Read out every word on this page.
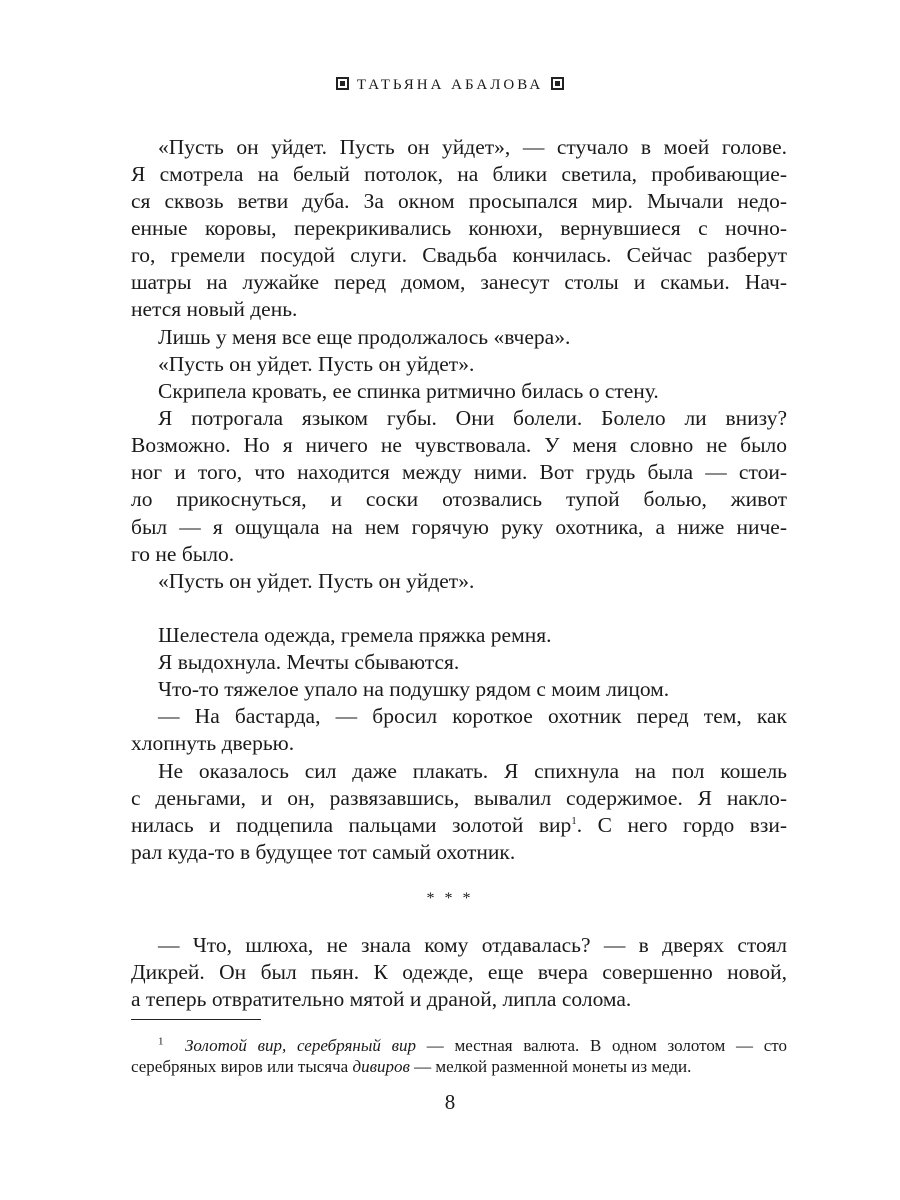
ТАТЬЯНА АБАЛОВА
«Пусть он уйдет. Пусть он уйдет», — стучало в моей голове.
Я смотрела на белый потолок, на блики светила, пробивающие-
ся сквозь ветви дуба. За окном просыпался мир. Мычали недо-
енные коровы, перекрикивались конюхи, вернувшиеся с ночно-
го, гремели посудой слуги. Свадьба кончилась. Сейчас разберут
шатры на лужайке перед домом, занесут столы и скамьи. Нач-
нется новый день.
Лишь у меня все еще продолжалось «вчера».
«Пусть он уйдет. Пусть он уйдет».
Скрипела кровать, ее спинка ритмично билась о стену.
Я потрогала языком губы. Они болели. Болело ли внизу?
Возможно. Но я ничего не чувствовала. У меня словно не было
ног и того, что находится между ними. Вот грудь была — стои-
ло прикоснуться, и соски отозвались тупой болью, живот
был — я ощущала на нем горячую руку охотника, а ниже ниче-
го не было.
«Пусть он уйдет. Пусть он уйдет».
Шелестела одежда, гремела пряжка ремня.
Я выдохнула. Мечты сбываются.
Что-то тяжелое упало на подушку рядом с моим лицом.
— На бастарда, — бросил короткое охотник перед тем, как
хлопнуть дверью.
Не оказалось сил даже плакать. Я спихнула на пол кошель
с деньгами, и он, развязавшись, вывалил содержимое. Я накло-
нилась и подцепила пальцами золотой вир$^1$. С него гордо взи-
рал куда-то в будущее тот самый охотник.
* * *
— Что, шлюха, не знала кому отдавалась? — в дверях стоял
Дикрей. Он был пьян. К одежде, еще вчера совершенно новой,
а теперь отвратительно мятой и драной, липла солома.
$^1$ Золотой вир, серебряный вир — местная валюта. В одном золотом — сто
серебряных виров или тысяча дивиров — мелкой разменной монеты из меди.
8
